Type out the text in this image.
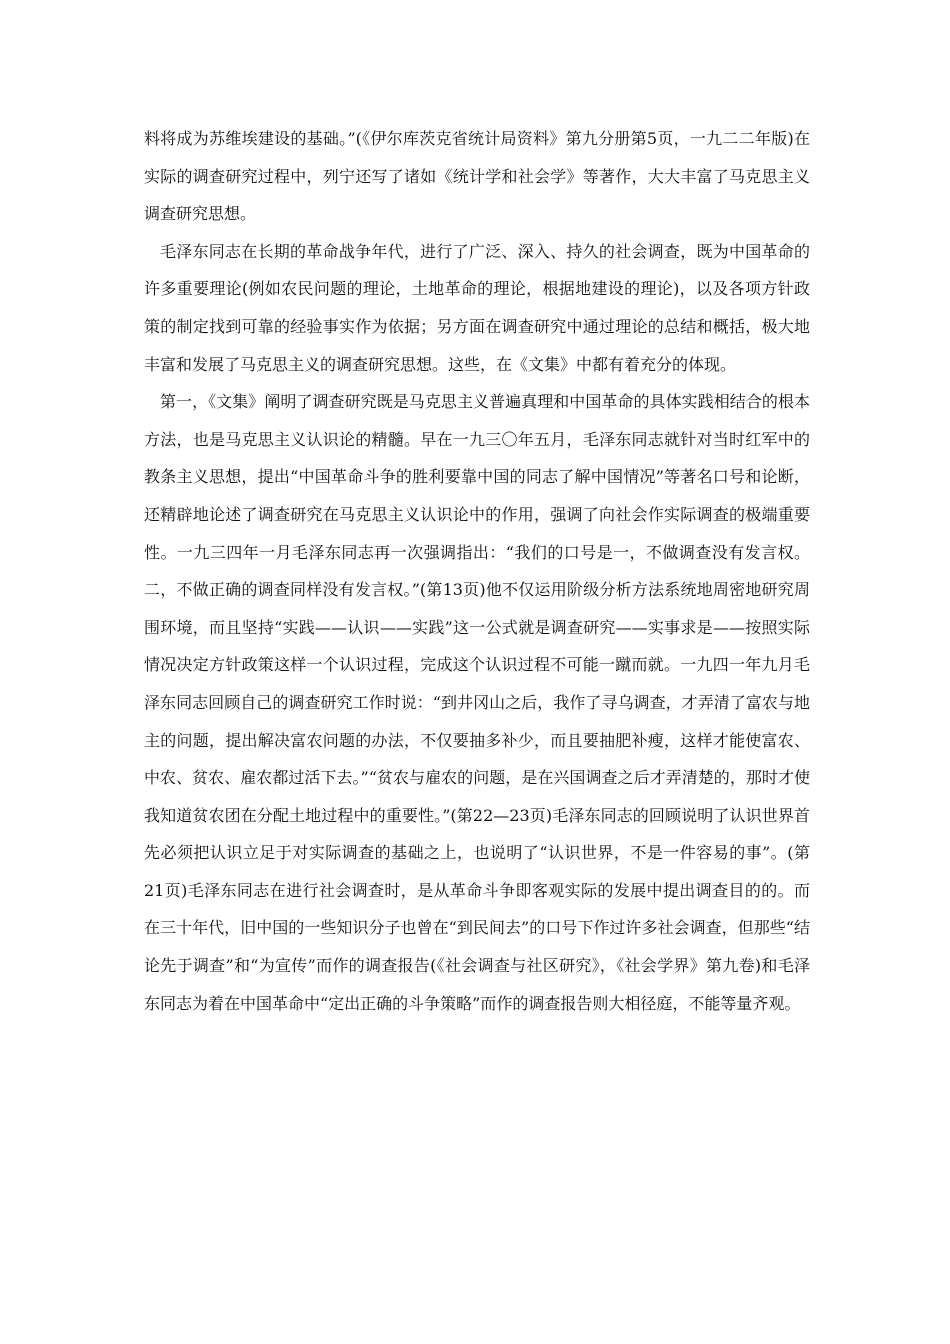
料将成为苏维埃建设的基础。”(《伊尔库茨克省统计局资料》第九分册第5页，一九二二年版)在实际的调查研究过程中，列宁还写了诸如《统计学和社会学》等著作，大大丰富了马克思主义调查研究思想。

毛泽东同志在长期的革命战争年代，进行了广泛、深入、持久的社会调查，既为中国革命的许多重要理论(例如农民问题的理论，土地革命的理论，根据地建设的理论)，以及各项方针政策的制定找到可靠的经验事实作为依据；另方面在调查研究中通过理论的总结和概括，极大地丰富和发展了马克思主义的调查研究思想。这些，在《文集》中都有着充分的体现。

第一，《文集》阐明了调查研究既是马克思主义普遍真理和中国革命的具体实践相结合的根本方法，也是马克思主义认识论的精髓。早在一九三〇年五月，毛泽东同志就针对当时红军中的教条主义思想，提出“中国革命斗争的胜利要靠中国的同志了解中国情况”等著名口号和论断，还精辟地论述了调查研究在马克思主义认识论中的作用，强调了向社会作实际调查的极端重要性。一九三四年一月毛泽东同志再一次强调指出：“我们的口号是一，不做调查没有发言权。二，不做正确的调查同样没有发言权。”(第13页)他不仅运用阶级分析方法系统地周密地研究周围环境，而且坚持“实践——认识——实践”这一公式就是调查研究——实事求是——按照实际情况决定方针政策这样一个认识过程，完成这个认识过程不可能一蹴而就。一九四一年九月毛泽东同志回顾自己的调查研究工作时说：“到井冈山之后，我作了寻乌调查，才弄清了富农与地主的问题，提出解决富农问题的办法，不仅要抽多补少，而且要抽肥补瘦，这样才能使富农、中农、贫农、雇农都过活下去。”“贫农与雇农的问题，是在兴国调查之后才弄清楚的，那时才使我知道贫农团在分配土地过程中的重要性。”(第22—23页)毛泽东同志的回顾说明了认识世界首先必须把认识立足于对实际调查的基础之上，也说明了“认识世界，不是一件容易的事”。(第21页)毛泽东同志在进行社会调查时，是从革命斗争即客观实际的发展中提出调查目的的。而在三十年代，旧中国的一些知识分子也曾在“到民间去”的口号下作过许多社会调查，但那些“结论先于调查”和“为宣传”而作的调查报告(《社会调查与社区研究》，《社会学界》第九卷)和毛泽东同志为着在中国革命中“定出正确的斗争策略”而作的调查报告则大相径庭，不能等量齐观。
